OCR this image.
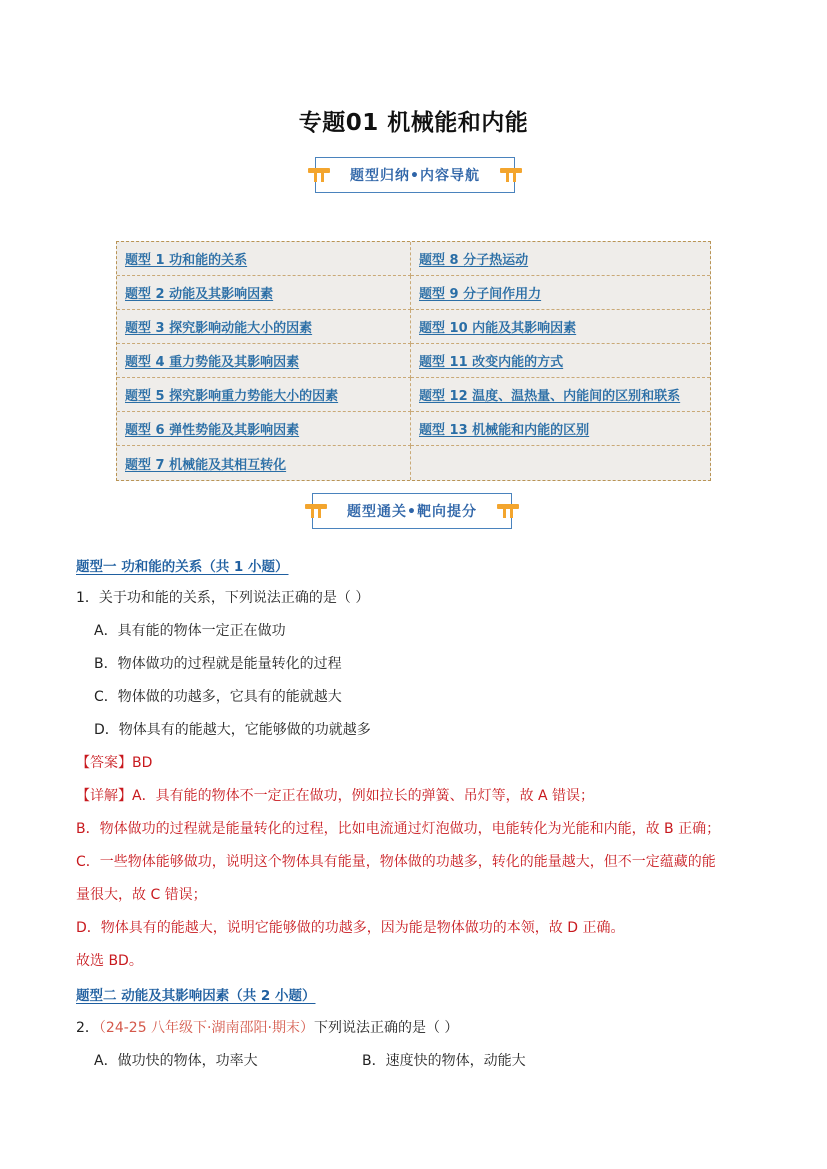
专题01 机械能和内能
题型归纳•内容导航
题型 1 功和能的关系	题型 8 分子热运动
题型 2 动能及其影响因素	题型 9 分子间作用力
题型 3 探究影响动能大小的因素	题型 10 内能及其影响因素
题型 4 重力势能及其影响因素	题型 11 改变内能的方式
题型 5 探究影响重力势能大小的因素	题型 12 温度、温热量、内能间的区别和联系
题型 6 弹性势能及其影响因素	题型 13 机械能和内能的区别
题型 7 机械能及其相互转化
题型通关•靶向提分
题型一 功和能的关系（共 1 小题）
1．关于功和能的关系，下列说法正确的是（ ）
A．具有能的物体一定正在做功
B．物体做功的过程就是能量转化的过程
C．物体做的功越多，它具有的能就越大
D．物体具有的能越大，它能够做的功就越多
【答案】BD
【详解】A．具有能的物体不一定正在做功，例如拉长的弹簧、吊灯等，故 A 错误；
B．物体做功的过程就是能量转化的过程，比如电流通过灯泡做功，电能转化为光能和内能，故 B 正确；
C．一些物体能够做功，说明这个物体具有能量，物体做的功越多，转化的能量越大，但不一定蕴藏的能
量很大，故 C 错误；
D．物体具有的能越大，说明它能够做的功越多，因为能是物体做功的本领，故 D 正确。
故选 BD。
题型二 动能及其影响因素（共 2 小题）
2．（24-25 八年级下·湖南邵阳·期末）下列说法正确的是（ ）
A．做功快的物体，功率大	B．速度快的物体，动能大
